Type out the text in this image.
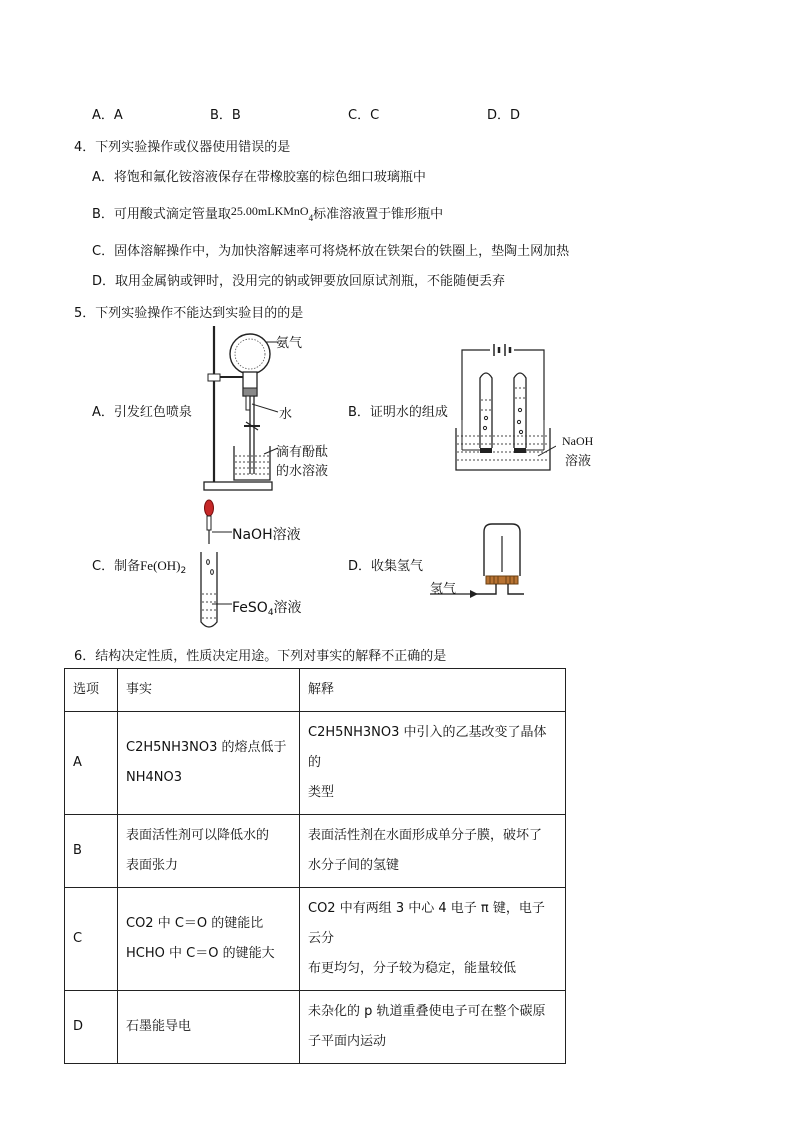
A．A	B．B	C．C	D．D
4．下列实验操作或仪器使用错误的是
A．将饱和氟化铵溶液保存在带橡胶塞的棕色细口玻璃瓶中
B．可用酸式滴定管量取25.00mLKMnO$_4$标准溶液置于锥形瓶中
C．固体溶解操作中，为加快溶解速率可将烧杯放在铁架台的铁圈上，垫陶土网加热
D．取用金属钠或钾时，没用完的钠或钾要放回原试剂瓶，不能随便丢弃
5．下列实验操作不能达到实验目的的是
氨气
水
滴有酚酞
的水溶液
A．引发红色喷泉
NaOH
溶液
B．证明水的组成
NaOH溶液
FeSO$_4$溶液
C．制备$Fe(OH)_2$
氢气
D．收集氢气
6．结构决定性质，性质决定用途。下列对事实的解释不正确的是
选项	事实	解释
A	C2H5NH3NO3 的熔点低于
NH4NO3	C2H5NH3NO3 中引入的乙基改变了晶体的
类型

B	表面活性剂可以降低水的
表面张力	表面活性剂在水面形成单分子膜，破坏了
水分子间的氢键

C	CO2 中 C＝O 的键能比
HCHO 中 C＝O 的键能大	CO2 中有两组 3 中心 4 电子 π 键，电子云分
布更均匀，分子较为稳定，能量较低

D	石墨能导电	未杂化的 p 轨道重叠使电子可在整个碳原
子平面内运动
